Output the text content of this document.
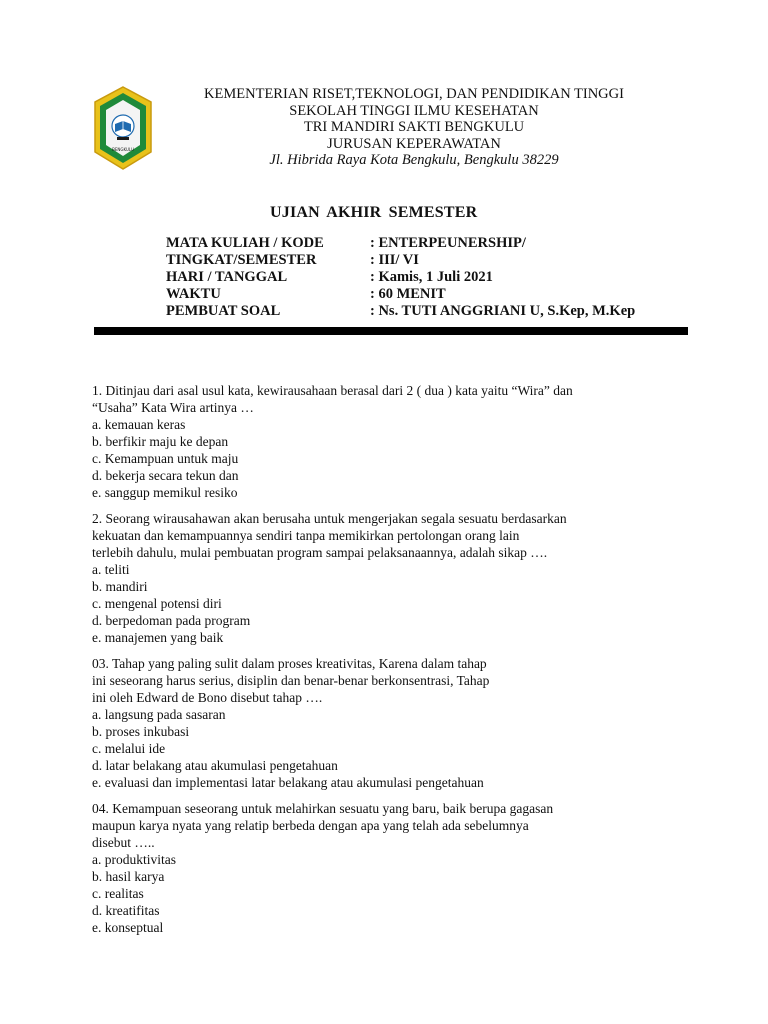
BENGKULU
KEMENTERIAN RISET,TEKNOLOGI, DAN PENDIDIKAN TINGGI
SEKOLAH TINGGI ILMU KESEHATAN
TRI MANDIRI SAKTI BENGKULU
JURUSAN KEPERAWATAN
Jl. Hibrida Raya Kota Bengkulu, Bengkulu 38229
UJIAN AKHIR SEMESTER
MATA KULIAH / KODE	: ENTERPEUNERSHIP/
TINGKAT/SEMESTER	: III/ VI
HARI / TANGGAL	: Kamis, 1 Juli 2021
WAKTU	: 60 MENIT
PEMBUAT SOAL	: Ns. TUTI ANGGRIANI U, S.Kep, M.Kep
1. Ditinjau dari asal usul kata, kewirausahaan berasal dari 2 ( dua ) kata yaitu “Wira” dan
“Usaha” Kata Wira artinya …
a. kemauan keras
b. berfikir maju ke depan
c. Kemampuan untuk maju
d. bekerja secara tekun dan
e. sanggup memikul resiko
2. Seorang wirausahawan akan berusaha untuk mengerjakan segala sesuatu berdasarkan
kekuatan dan kemampuannya sendiri tanpa memikirkan pertolongan orang lain
terlebih dahulu, mulai pembuatan program sampai pelaksanaannya, adalah sikap ….
a. teliti
b. mandiri
c. mengenal potensi diri
d. berpedoman pada program
e. manajemen yang baik
03. Tahap yang paling sulit dalam proses kreativitas, Karena dalam tahap
ini seseorang harus serius, disiplin dan benar-benar berkonsentrasi, Tahap
ini oleh Edward de Bono disebut tahap ….
a. langsung pada sasaran
b. proses inkubasi
c. melalui ide
d. latar belakang atau akumulasi pengetahuan
e. evaluasi dan implementasi latar belakang atau akumulasi pengetahuan
04. Kemampuan seseorang untuk melahirkan sesuatu yang baru, baik berupa gagasan
maupun karya nyata yang relatip berbeda dengan apa yang telah ada sebelumnya
disebut …..
a. produktivitas
b. hasil karya
c. realitas
d. kreatifitas
e. konseptual
